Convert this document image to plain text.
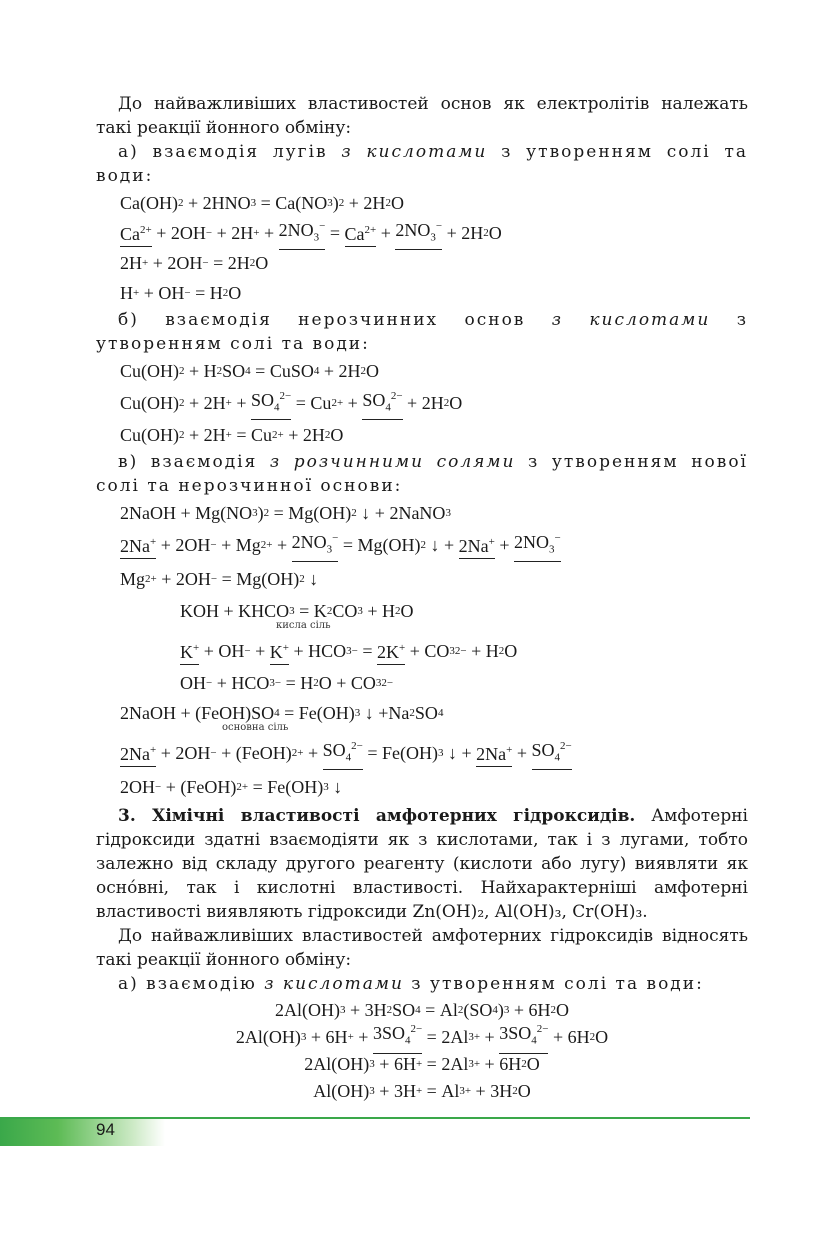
До найважливіших властивостей основ як електролітів належать такі реакції йонного обміну:

а) взаємодія лугів з кислотами з утворенням солі та води:

Ca(OH) 2 + 2HNO 3 = Ca(NO 3 ) 2 + 2H 2 O
$Ca^{2+} + 2OH$ − + 2H + + $2NO_3^- = Ca^{2+} + 2NO_3^- + 2H$ 2 O
2H + + 2OH − = 2H 2 O
H + + OH − = H 2 O

б) взаємодія нерозчинних основ з кислотами з утворенням солі та води:

Cu(OH) 2 + H 2 SO 4 = CuSO 4 + 2H 2 O
Cu(OH) 2 + 2H + + $SO_4^{2-} = Cu$ $2+ + SO_4^{2-} + 2H$ 2 O
Cu(OH) 2 + 2H + = Cu 2+ + 2H 2 O

в) взаємодія з розчинними солями з утворенням нової солі та нерозчинної основи:

2NaOH + Mg(NO 3 ) 2 = Mg(OH) 2 ↓ + 2NaNO 3
2Na+ + 2OH − + Mg $2+ + 2NO_3^- = Mg(OH)$ 2 ↓ + $2Na^+ + 2NO_3^-$
Mg 2+ + 2OH − = Mg(OH) 2 ↓
KOH + KHCO 3 = K 2 CO 3 + H 2 O
кисла сіль
K+ + OH − + K+ + HCO 3 − = 2K+ + CO 3 2− + H 2 O
OH − + HCO 3 − = H 2 O + CO 3 2−
2NaOH + (FeOH)SO 4 = Fe(OH) 3 ↓ +Na 2 SO 4
основна сіль
2Na+ + 2OH − + (FeOH) $2+ + SO_4^{2-} = Fe(OH)$ 3 ↓ + $2Na^+ + SO_4^{2-}$
2OH − + (FeOH) 2+ = Fe(OH) 3 ↓

3. Хімічні властивості амфотерних гідроксидів. Амфотерні гідроксиди здатні взаємодіяти як з кислотами, так і з лугами, тобто залежно від складу другого реагенту (кислоти або лугу) виявляти як осно́вні, так і кислотні властивості. Найхарактерніші амфотерні властивості виявляють гідроксиди Zn(OH)₂, Al(OH)₃, Cr(OH)₃.

До найважливіших властивостей амфотерних гідроксидів відносять такі реакції йонного обміну:

а) взаємодію з кислотами з утворенням солі та води:

2Al(OH) 3 + 3H 2 SO 4 = Al 2 (SO 4 ) 3 + 6H 2 O
2Al(OH) 3 + 6H + + $3SO_4^{2-} = 2Al$ $3+ + 3SO_4^{2-} + 6H$ 2 O
2Al(OH) 3 + 6H + = 2Al 3+ + 6H 2 O
Al(OH) 3 + 3H + = Al 3+ + 3H 2 O
94
